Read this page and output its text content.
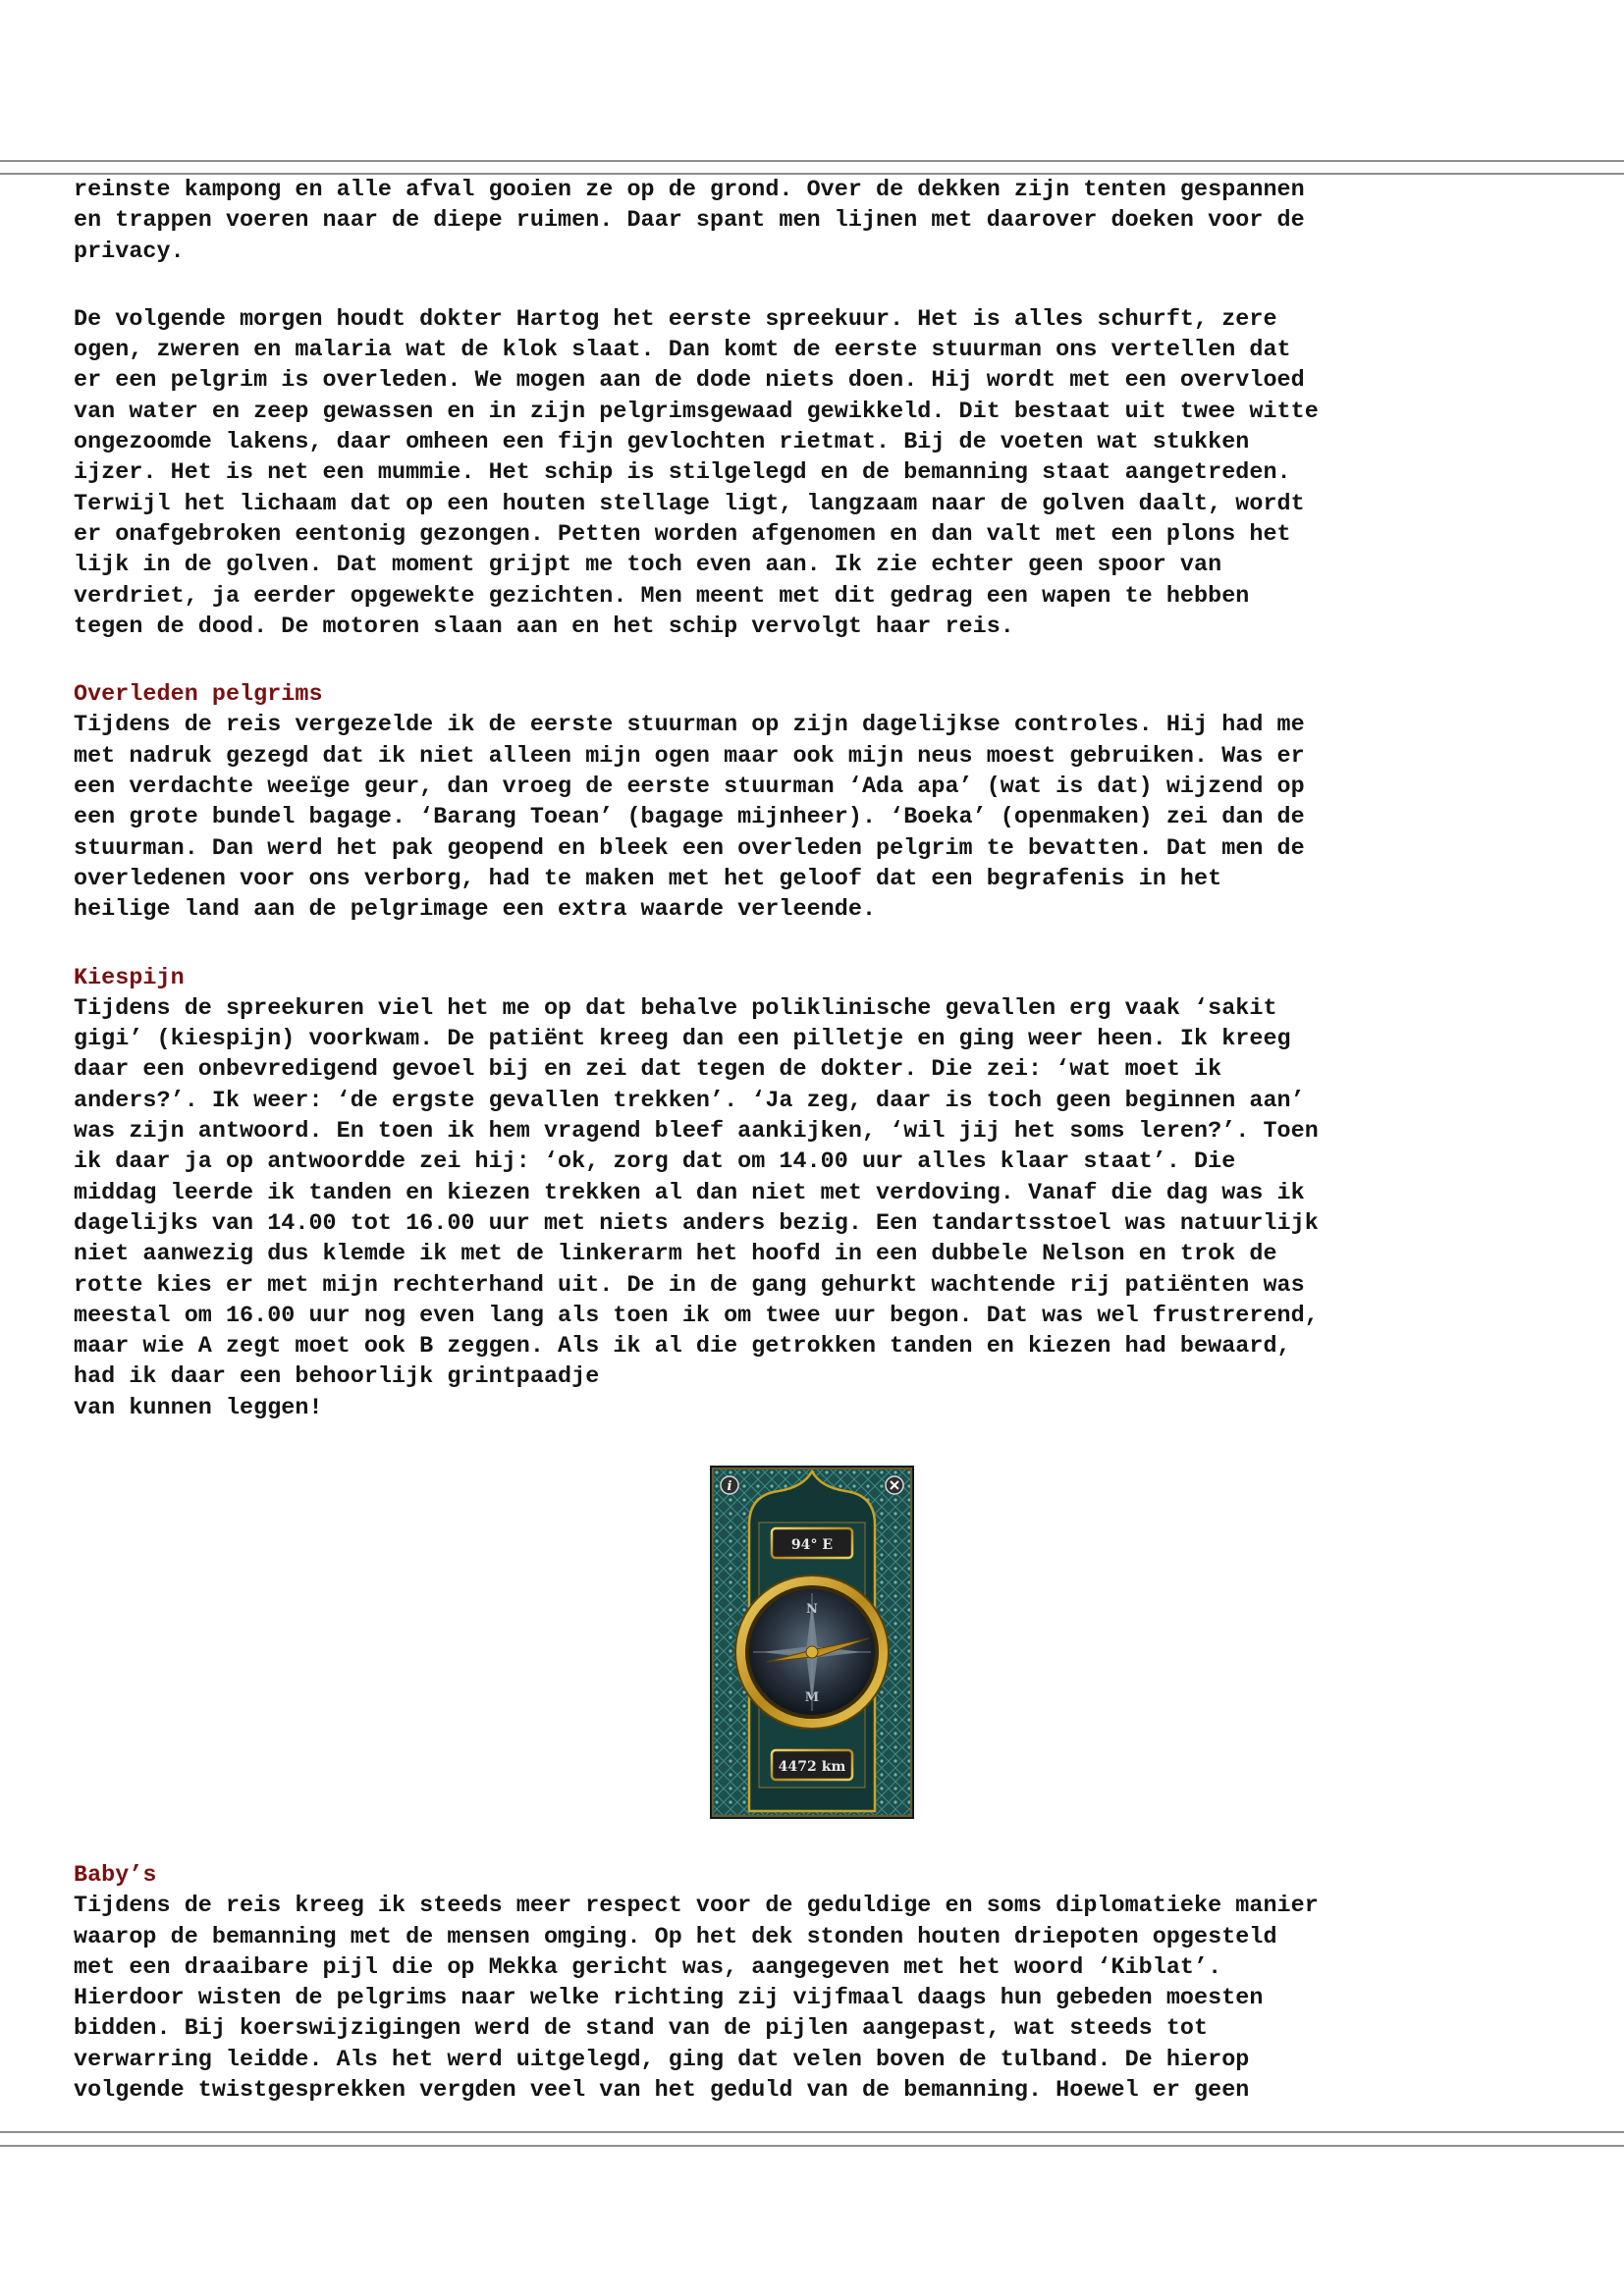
reinste kampong en alle afval gooien ze op de grond. Over de dekken zijn tenten gespannen
en trappen voeren naar de diepe ruimen. Daar spant men lijnen met daarover doeken voor de
privacy.
De volgende morgen houdt dokter Hartog het eerste spreekuur. Het is alles schurft, zere
ogen, zweren en malaria wat de klok slaat. Dan komt de eerste stuurman ons vertellen dat
er een pelgrim is overleden. We mogen aan de dode niets doen. Hij wordt met een overvloed
van water en zeep gewassen en in zijn pelgrimsgewaad gewikkeld. Dit bestaat uit twee witte
ongezoomde lakens, daar omheen een fijn gevlochten rietmat. Bij de voeten wat stukken
ijzer. Het is net een mummie. Het schip is stilgelegd en de bemanning staat aangetreden.
Terwijl het lichaam dat op een houten stellage ligt, langzaam naar de golven daalt, wordt
er onafgebroken eentonig gezongen. Petten worden afgenomen en dan valt met een plons het
lijk in de golven. Dat moment grijpt me toch even aan. Ik zie echter geen spoor van
verdriet, ja eerder opgewekte gezichten. Men meent met dit gedrag een wapen te hebben
tegen de dood. De motoren slaan aan en het schip vervolgt haar reis.
Overleden pelgrims
Tijdens de reis vergezelde ik de eerste stuurman op zijn dagelijkse controles. Hij had me
met nadruk gezegd dat ik niet alleen mijn ogen maar ook mijn neus moest gebruiken. Was er
een verdachte weeïge geur, dan vroeg de eerste stuurman ‘Ada apa’ (wat is dat) wijzend op
een grote bundel bagage. ‘Barang Toean’ (bagage mijnheer). ‘Boeka’ (openmaken) zei dan de
stuurman. Dan werd het pak geopend en bleek een overleden pelgrim te bevatten. Dat men de
overledenen voor ons verborg, had te maken met het geloof dat een begrafenis in het
heilige land aan de pelgrimage een extra waarde verleende.
Kiespijn
Tijdens de spreekuren viel het me op dat behalve poliklinische gevallen erg vaak ‘sakit
gigi’ (kiespijn) voorkwam. De patiënt kreeg dan een pilletje en ging weer heen. Ik kreeg
daar een onbevredigend gevoel bij en zei dat tegen de dokter. Die zei: ‘wat moet ik
anders?’. Ik weer: ‘de ergste gevallen trekken’. ‘Ja zeg, daar is toch geen beginnen aan’
was zijn antwoord. En toen ik hem vragend bleef aankijken, ‘wil jij het soms leren?’. Toen
ik daar ja op antwoordde zei hij: ‘ok, zorg dat om 14.00 uur alles klaar staat’. Die
middag leerde ik tanden en kiezen trekken al dan niet met verdoving. Vanaf die dag was ik
dagelijks van 14.00 tot 16.00 uur met niets anders bezig. Een tandartsstoel was natuurlijk
niet aanwezig dus klemde ik met de linkerarm het hoofd in een dubbele Nelson en trok de
rotte kies er met mijn rechterhand uit. De in de gang gehurkt wachtende rij patiënten was
meestal om 16.00 uur nog even lang als toen ik om twee uur begon. Dat was wel frustrerend,
maar wie A zegt moet ook B zeggen. Als ik al die getrokken tanden en kiezen had bewaard,
had ik daar een behoorlijk grintpaadje
van kunnen leggen!
i
94° E
N
M
4472 km
Baby’s
Tijdens de reis kreeg ik steeds meer respect voor de geduldige en soms diplomatieke manier
waarop de bemanning met de mensen omging. Op het dek stonden houten driepoten opgesteld
met een draaibare pijl die op Mekka gericht was, aangegeven met het woord ‘Kiblat’.
Hierdoor wisten de pelgrims naar welke richting zij vijfmaal daags hun gebeden moesten
bidden. Bij koerswijzigingen werd de stand van de pijlen aangepast, wat steeds tot
verwarring leidde. Als het werd uitgelegd, ging dat velen boven de tulband. De hierop
volgende twistgesprekken vergden veel van het geduld van de bemanning. Hoewel er geen
